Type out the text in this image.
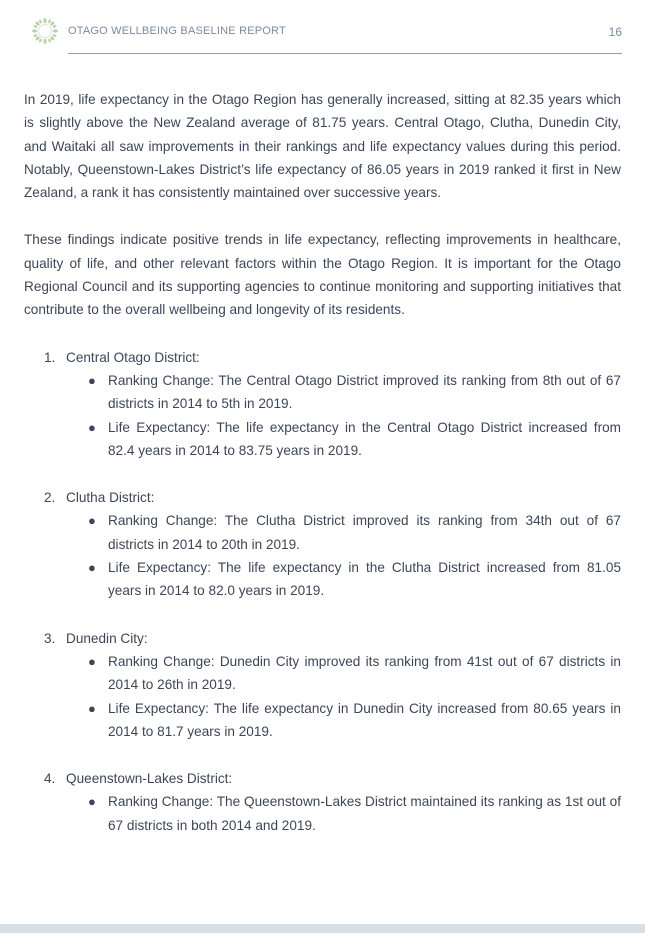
OTAGO WELLBEING BASELINE REPORT	16

In 2019, life expectancy in the Otago Region has generally increased, sitting at 82.35 years which is slightly above the New Zealand average of 81.75 years. Central Otago, Clutha, Dunedin City, and Waitaki all saw improvements in their rankings and life expectancy values during this period. Notably, Queenstown-Lakes District’s life expectancy of 86.05 years in 2019 ranked it first in New Zealand, a rank it has consistently maintained over successive years.

These findings indicate positive trends in life expectancy, reflecting improvements in healthcare, quality of life, and other relevant factors within the Otago Region. It is important for the Otago Regional Council and its supporting agencies to continue monitoring and supporting initiatives that contribute to the overall wellbeing and longevity of its residents.

1. Central Otago District:
● Ranking Change: The Central Otago District improved its ranking from 8th out of 67 districts in 2014 to 5th in 2019.
● Life Expectancy: The life expectancy in the Central Otago District increased from 82.4 years in 2014 to 83.75 years in 2019.
2. Clutha District:
● Ranking Change: The Clutha District improved its ranking from 34th out of 67 districts in 2014 to 20th in 2019.
● Life Expectancy: The life expectancy in the Clutha District increased from 81.05 years in 2014 to 82.0 years in 2019.
3. Dunedin City:
● Ranking Change: Dunedin City improved its ranking from 41st out of 67 districts in 2014 to 26th in 2019.
● Life Expectancy: The life expectancy in Dunedin City increased from 80.65 years in 2014 to 81.7 years in 2019.
4. Queenstown-Lakes District:
● Ranking Change: The Queenstown-Lakes District maintained its ranking as 1st out of 67 districts in both 2014 and 2019.
